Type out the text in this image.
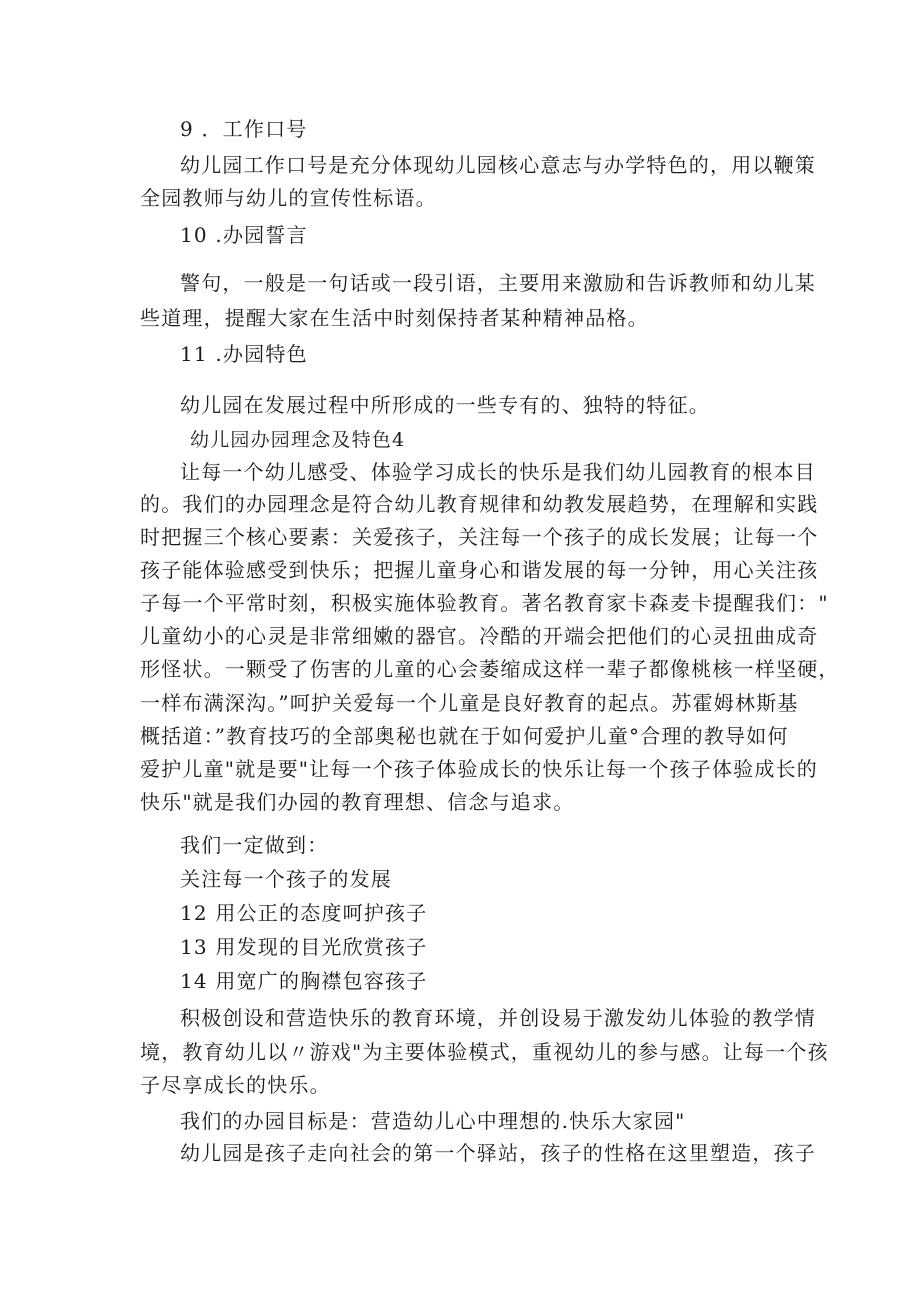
9 ．工作口号
幼儿园工作口号是充分体现幼儿园核心意志与办学特色的，用以鞭策
全园教师与幼儿的宣传性标语。
10 .办园誓言
警句，一般是一句话或一段引语，主要用来激励和告诉教师和幼儿某
些道理，提醒大家在生活中时刻保持者某种精神品格。
11 .办园特色
幼儿园在发展过程中所形成的一些专有的、独特的特征。
幼儿园办园理念及特色4
让每一个幼儿感受、体验学习成长的快乐是我们幼儿园教育的根本目
的。我们的办园理念是符合幼儿教育规律和幼教发展趋势，在理解和实践
时把握三个核心要素：关爱孩子，关注每一个孩子的成长发展；让每一个
孩子能体验感受到快乐；把握儿童身心和谐发展的每一分钟，用心关注孩
子每一个平常时刻，积极实施体验教育。著名教育家卡森麦卡提醒我们："
儿童幼小的心灵是非常细嫩的器官。冷酷的开端会把他们的心灵扭曲成奇
形怪状。一颗受了伤害的儿童的心会萎缩成这样一辈子都像桃核一样坚硬，
一样布满深沟。”呵护关爱每一个儿童是良好教育的起点。苏霍姆林斯基
概括道：”教育技巧的全部奥秘也就在于如何爱护儿童°合理的教导如何
爱护儿童"就是要"让每一个孩子体验成长的快乐让每一个孩子体验成长的
快乐"就是我们办园的教育理想、信念与追求。
我们一定做到：
关注每一个孩子的发展
12 用公正的态度呵护孩子
13 用发现的目光欣赏孩子
14 用宽广的胸襟包容孩子
积极创设和营造快乐的教育环境，并创设易于激发幼儿体验的教学情
境，教育幼儿以〃游戏"为主要体验模式，重视幼儿的参与感。让每一个孩
子尽享成长的快乐。
我们的办园目标是：营造幼儿心中理想的.快乐大家园"
幼儿园是孩子走向社会的第一个驿站，孩子的性格在这里塑造，孩子
